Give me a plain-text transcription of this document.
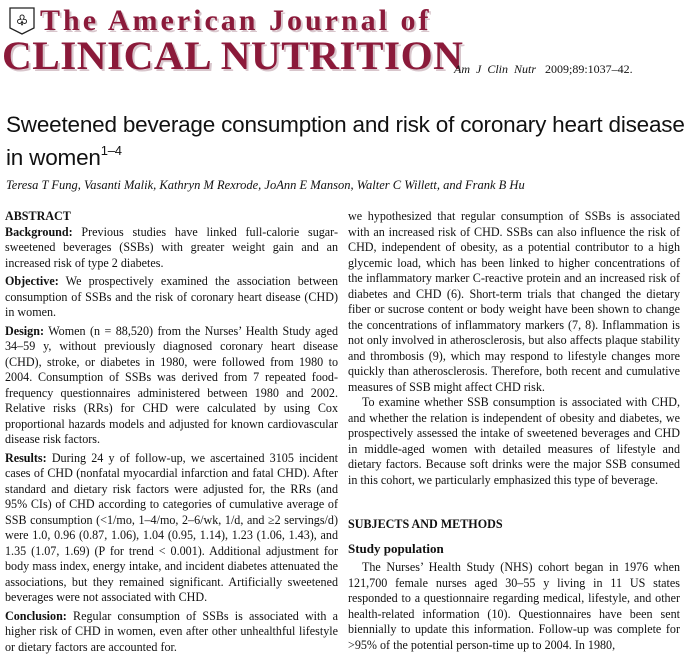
♧ The American Journal of
CLINICAL NUTRITION
Am J Clin Nutr 2009;89:1037–42.
Sweetened beverage consumption and risk of coronary heart disease in women$^{1-4}$
Teresa T Fung, Vasanti Malik, Kathryn M Rexrode, JoAnn E Manson, Walter C Willett, and Frank B Hu

ABSTRACT

Background: Previous studies have linked full-calorie sugar-sweetened beverages (SSBs) with greater weight gain and an increased risk of type 2 diabetes.

Objective: We prospectively examined the association between consumption of SSBs and the risk of coronary heart disease (CHD) in women.

Design: Women (n = 88,520) from the Nurses’ Health Study aged 34–59 y, without previously diagnosed coronary heart disease (CHD), stroke, or diabetes in 1980, were followed from 1980 to 2004. Consumption of SSBs was derived from 7 repeated food-frequency questionnaires administered between 1980 and 2002. Relative risks (RRs) for CHD were calculated by using Cox proportional hazards models and adjusted for known cardiovascular disease risk factors.

Results: During 24 y of follow-up, we ascertained 3105 incident cases of CHD (nonfatal myocardial infarction and fatal CHD). After standard and dietary risk factors were adjusted for, the RRs (and 95% CIs) of CHD according to categories of cumulative average of SSB consumption (<1/mo, 1–4/mo, 2–6/wk, 1/d, and ≥2 servings/d) were 1.0, 0.96 (0.87, 1.06), 1.04 (0.95, 1.14), 1.23 (1.06, 1.43), and 1.35 (1.07, 1.69) (P for trend < 0.001). Additional adjustment for body mass index, energy intake, and incident diabetes attenuated the associations, but they remained significant. Artificially sweetened beverages were not associated with CHD.

Conclusion: Regular consumption of SSBs is associated with a higher risk of CHD in women, even after other unhealthful lifestyle or dietary factors are accounted for.

we hypothesized that regular consumption of SSBs is associated with an increased risk of CHD. SSBs can also influence the risk of CHD, independent of obesity, as a potential contributor to a high glycemic load, which has been linked to higher concentrations of the inflammatory marker C-reactive protein and an increased risk of diabetes and CHD (6). Short-term trials that changed the dietary fiber or sucrose content or body weight have been shown to change the concentrations of inflammatory markers (7, 8). Inflammation is not only involved in atherosclerosis, but also affects plaque stability and thrombosis (9), which may respond to lifestyle changes more quickly than atherosclerosis. Therefore, both recent and cumulative measures of SSB might affect CHD risk.

To examine whether SSB consumption is associated with CHD, and whether the relation is independent of obesity and diabetes, we prospectively assessed the intake of sweetened beverages and CHD in middle-aged women with detailed measures of lifestyle and dietary factors. Because soft drinks were the major SSB consumed in this cohort, we particularly emphasized this type of beverage.

SUBJECTS AND METHODS

Study population

The Nurses’ Health Study (NHS) cohort began in 1976 when 121,700 female nurses aged 30–55 y living in 11 US states responded to a questionnaire regarding medical, lifestyle, and other health-related information (10). Questionnaires have been sent biennially to update this information. Follow-up was complete for >95% of the potential person-time up to 2004. In 1980,
